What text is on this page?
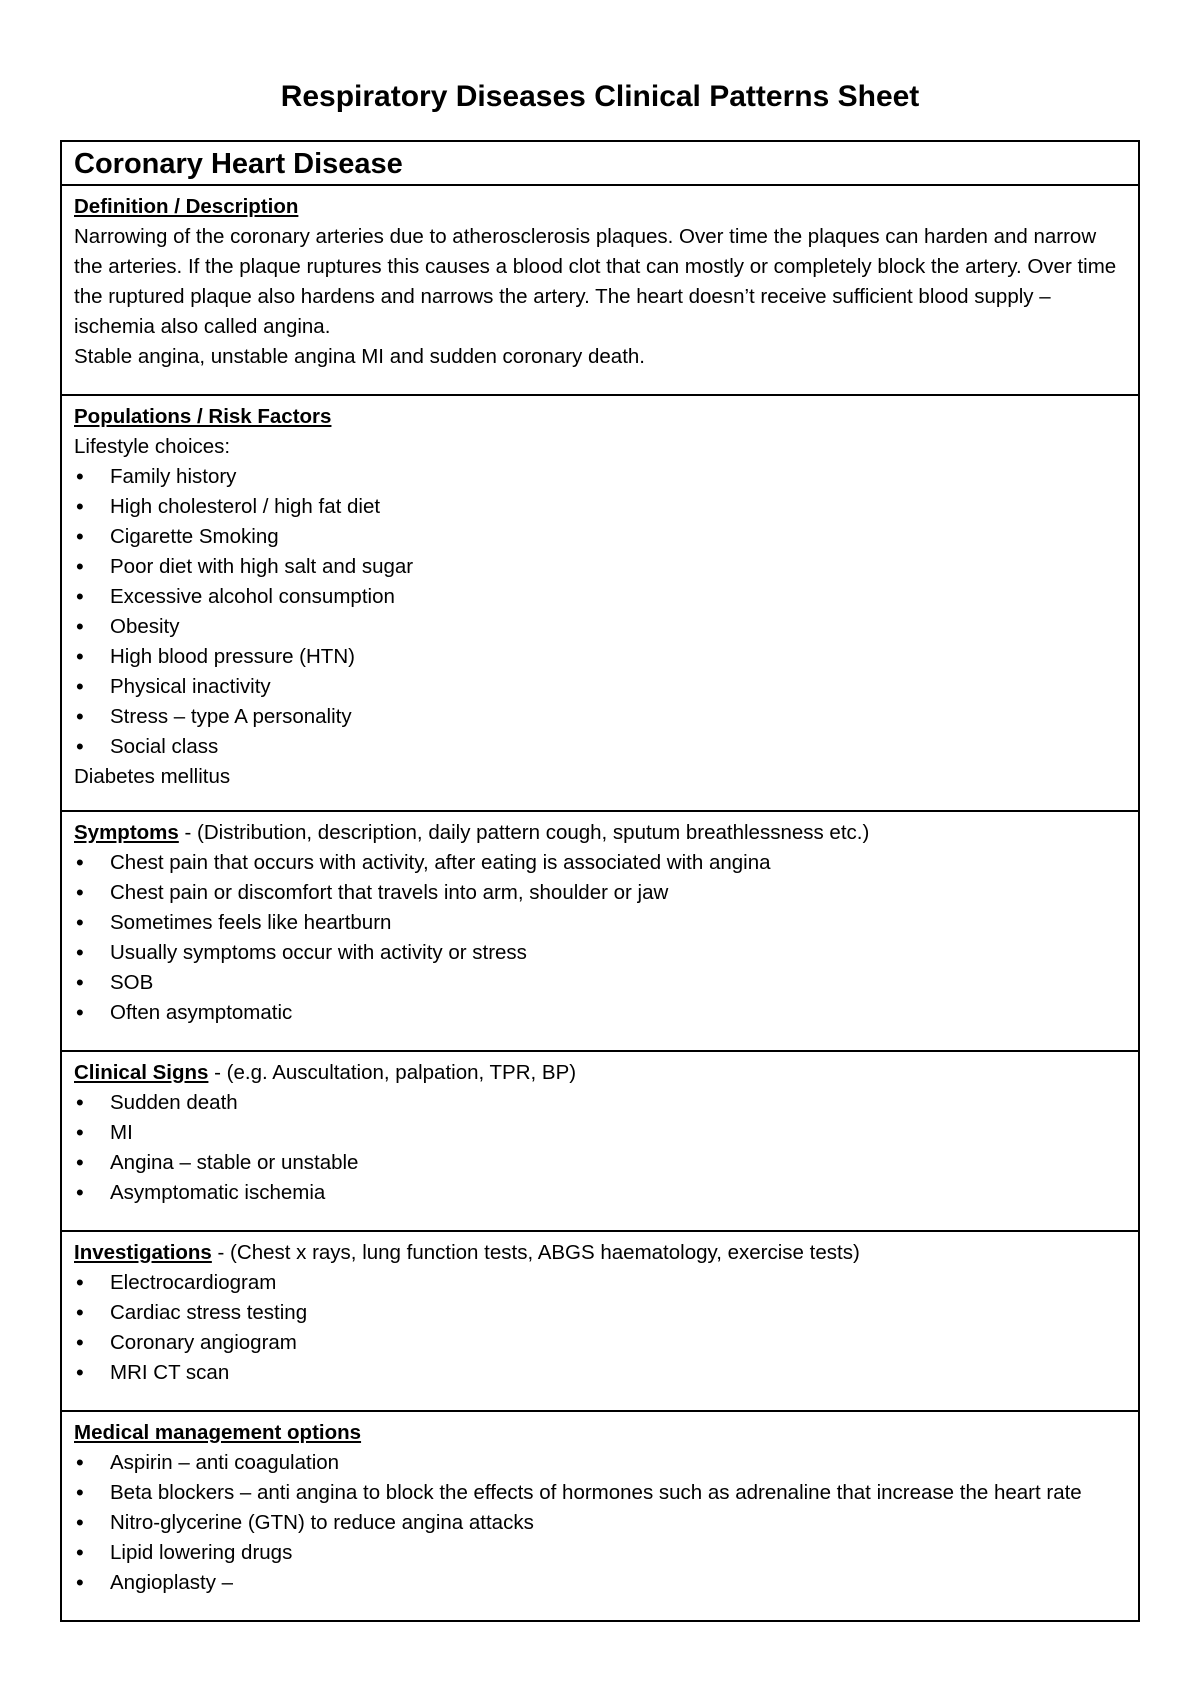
Respiratory Diseases Clinical Patterns Sheet
Coronary Heart Disease
Definition / Description

Narrowing of the coronary arteries due to atherosclerosis plaques. Over time the plaques can harden and narrow the arteries. If the plaque ruptures this causes a blood clot that can mostly or completely block the artery. Over time the ruptured plaque also hardens and narrows the artery. The heart doesn’t receive sufficient blood supply – ischemia also called angina.

Stable angina, unstable angina MI and sudden coronary death.

Populations / Risk Factors

Lifestyle choices:

• Family history
• High cholesterol / high fat diet
• Cigarette Smoking
• Poor diet with high salt and sugar
• Excessive alcohol consumption
• Obesity
• High blood pressure (HTN)
• Physical inactivity
• Stress – type A personality
• Social class

Diabetes mellitus

Symptoms - (Distribution, description, daily pattern cough, sputum breathlessness etc.)
• Chest pain that occurs with activity, after eating is associated with angina
• Chest pain or discomfort that travels into arm, shoulder or jaw
• Sometimes feels like heartburn
• Usually symptoms occur with activity or stress
• SOB
• Often asymptomatic
Clinical Signs - (e.g. Auscultation, palpation, TPR, BP)
• Sudden death
• MI
• Angina – stable or unstable
• Asymptomatic ischemia
Investigations - (Chest x rays, lung function tests, ABGS haematology, exercise tests)
• Electrocardiogram
• Cardiac stress testing
• Coronary angiogram
• MRI CT scan
Medical management options
• Aspirin – anti coagulation
• Beta blockers – anti angina to block the effects of hormones such as adrenaline that increase the heart rate
• Nitro-glycerine (GTN) to reduce angina attacks
• Lipid lowering drugs
• Angioplasty –
